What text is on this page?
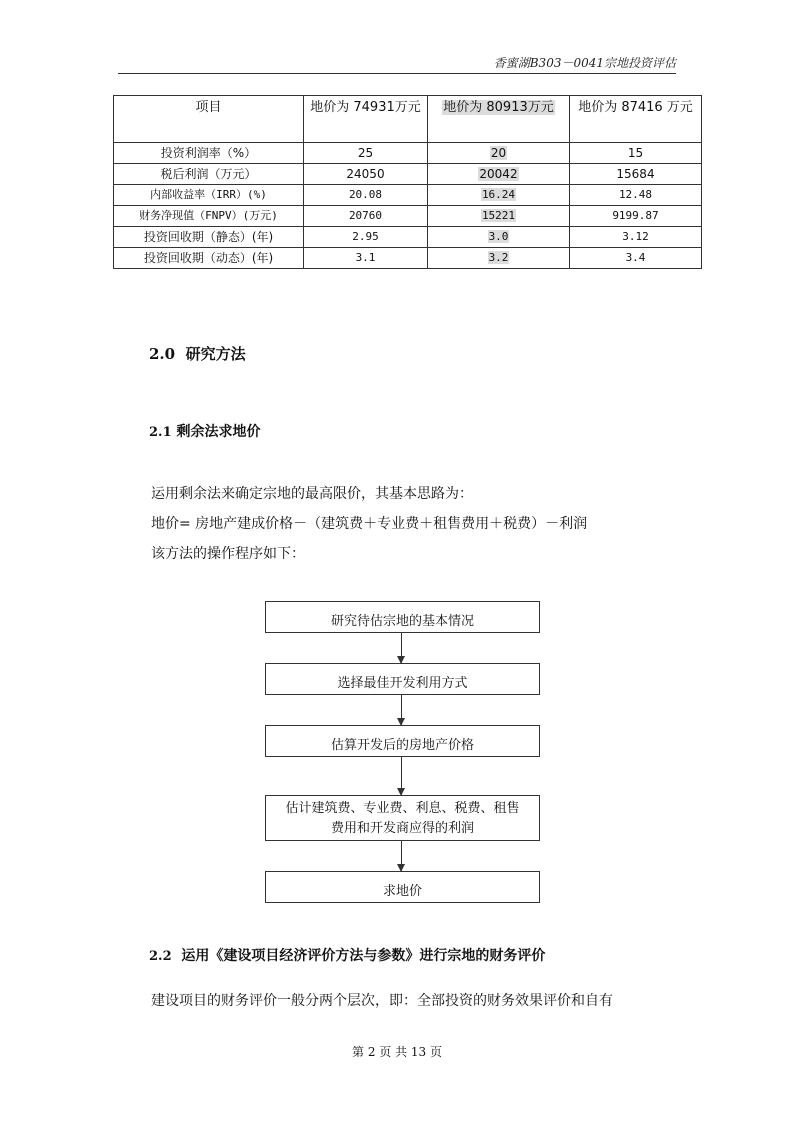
香蜜湖B303－0041宗地投资评估
项目	地价为 74931万元	地价为 80913万元	地价为 87416 万元
投资利润率（%）	25	20	15
税后利润（万元）	24050	20042	15684
内部收益率（IRR）(%)	20.08	16.24	12.48
财务净现值（FNPV）(万元)	20760	15221	9199.87
投资回收期（静态）(年)	2.95	3.0	3.12
投资回收期（动态）(年)	3.1	3.2	3.4
2.0 研究方法
2.1 剩余法求地价
运用剩余法来确定宗地的最高限价，其基本思路为：
地价= 房地产建成价格－（建筑费＋专业费＋租售费用＋税费）－利润
该方法的操作程序如下：
研究待估宗地的基本情况
选择最佳开发利用方式
估算开发后的房地产价格
估计建筑费、专业费、利息、税费、租售
费用和开发商应得的利润
求地价
2.2 运用《建设项目经济评价方法与参数》进行宗地的财务评价
建设项目的财务评价一般分两个层次，即：全部投资的财务效果评价和自有
第 2 页 共 13 页
